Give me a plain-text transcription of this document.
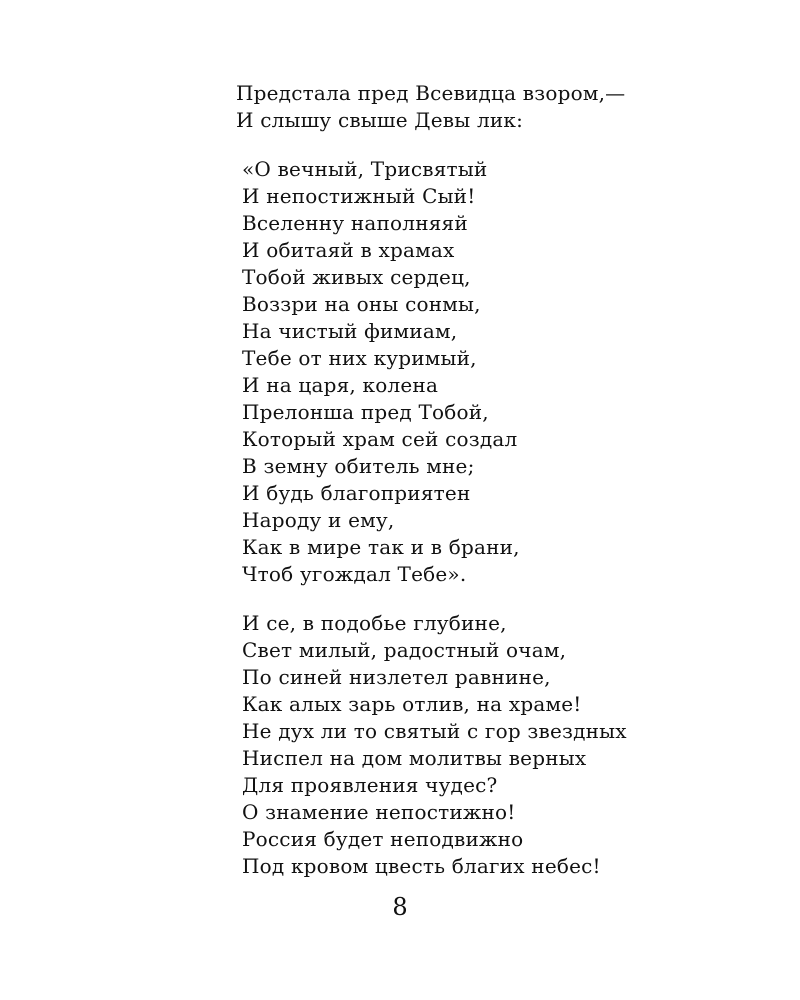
Предстала пред Всевидца взором,—
И слышу свыше Девы лик:
«О вечный, Трисвятый
И непостижный Сый!
Вселенну наполняяй
И обитаяй в храмах
Тобой живых сердец,
Воззри на оны сонмы,
На чистый фимиам,
Тебе от них куримый,
И на царя, колена
Прелонша пред Тобой,
Который храм сей создал
В земну обитель мне;
И будь благоприятен
Народу и ему,
Как в мире так и в брани,
Чтоб угождал Тебе».
И се, в подобье глубине,
Свет милый, радостный очам,
По синей низлетел равнине,
Как алых зарь отлив, на храме!
Не дух ли то святый с гор звездных
Ниспел на дом молитвы верных
Для проявления чудес?
О знамение непостижно!
Россия будет неподвижно
Под кровом цвесть благих небес!
8
